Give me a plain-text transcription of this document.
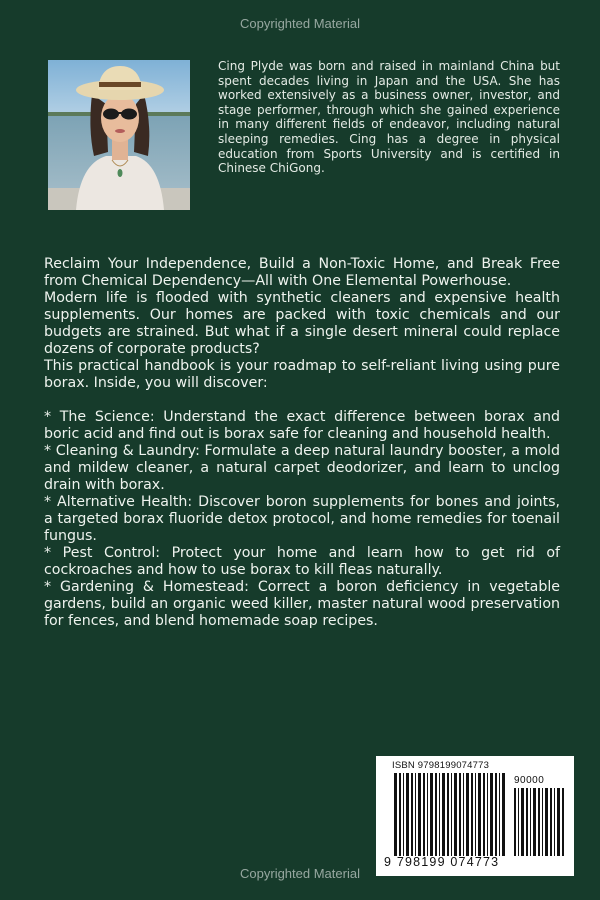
Copyrighted Material
Cing Plyde was born and raised in mainland China but spent decades living in Japan and the USA. She has worked extensively as a business owner, investor, and stage performer, through which she gained experience in many different fields of endeavor, including natural sleeping remedies. Cing has a degree in physical education from Sports University and is certified in Chinese ChiGong.

Reclaim Your Independence, Build a Non-Toxic Home, and Break Free from Chemical Dependency—All with One Elemental Powerhouse.

Modern life is flooded with synthetic cleaners and expensive health supplements. Our homes are packed with toxic chemicals and our budgets are strained. But what if a single desert mineral could replace dozens of corporate products?

This practical handbook is your roadmap to self-reliant living using pure borax. Inside, you will discover:

* The Science: Understand the exact difference between borax and boric acid and find out is borax safe for cleaning and household health.

* Cleaning & Laundry: Formulate a deep natural laundry booster, a mold and mildew cleaner, a natural carpet deodorizer, and learn to unclog drain with borax.

* Alternative Health: Discover boron supplements for bones and joints, a targeted borax fluoride detox protocol, and home remedies for toenail fungus.

* Pest Control: Protect your home and learn how to get rid of cockroaches and how to use borax to kill fleas naturally.

* Gardening & Homestead: Correct a boron deficiency in vegetable gardens, build an organic weed killer, master natural wood preservation for fences, and blend homemade soap recipes.

ISBN 9798199074773
90000
9 798199 074773
Copyrighted Material
